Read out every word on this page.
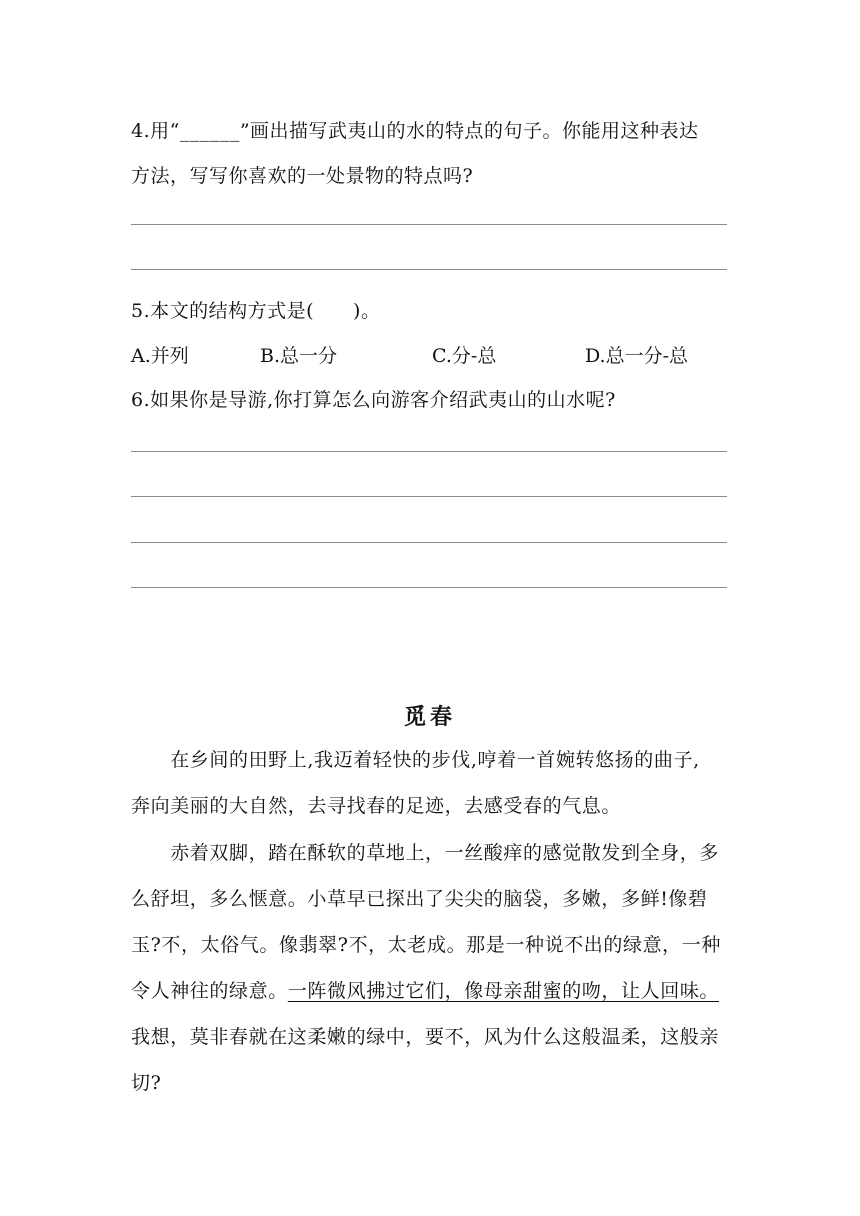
4.用“______”画出描写武夷山的水的特点的句子。你能用这种表达
方法，写写你喜欢的一处景物的特点吗?
5.本文的结构方式是(　　)。
A.并列	B.总一分	C.分-总	D.总一分-总
6.如果你是导游,你打算怎么向游客介绍武夷山的山水呢?
觅春
　　在乡间的田野上,我迈着轻快的步伐,哼着一首婉转悠扬的曲子,
奔向美丽的大自然，去寻找春的足迹，去感受春的气息。
　　赤着双脚，踏在酥软的草地上，一丝酸痒的感觉散发到全身，多
么舒坦，多么惬意。小草早已探出了尖尖的脑袋，多嫩，多鲜!像碧
玉?不，太俗气。像翡翠?不，太老成。那是一种说不出的绿意，一种
令人神往的绿意。一阵微风拂过它们，像母亲甜蜜的吻，让人回味。
我想，莫非春就在这柔嫩的绿中，要不，风为什么这般温柔，这般亲
切?
